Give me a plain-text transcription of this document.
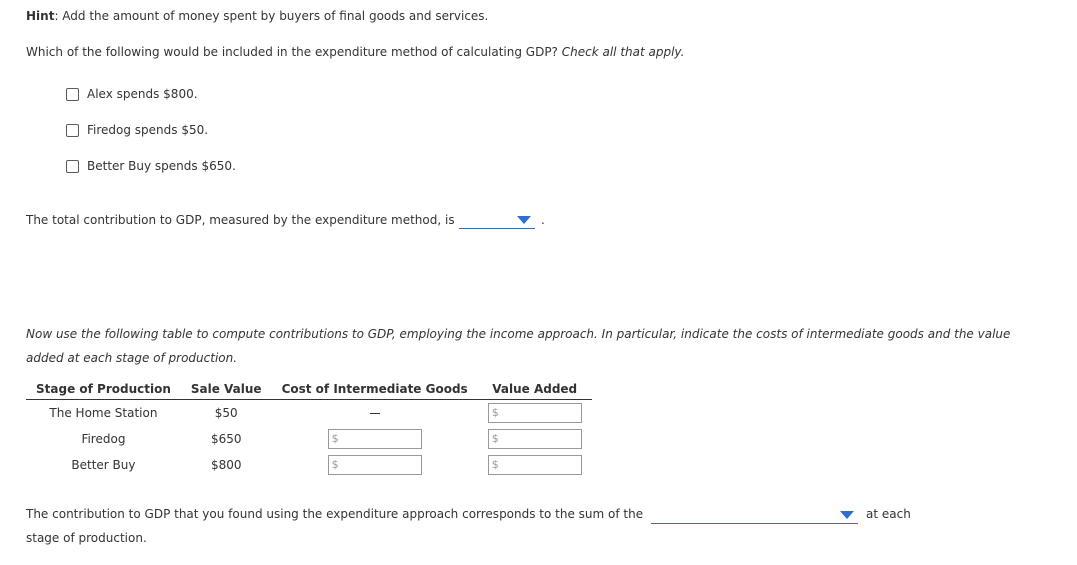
Hint: Add the amount of money spent by buyers of final goods and services.
Which of the following would be included in the expenditure method of calculating GDP? Check all that apply.
Alex spends $800.
Firedog spends $50.
Better Buy spends $650.
The total contribution to GDP, measured by the expenditure method, is	.
Now use the following table to compute contributions to GDP, employing the income approach. In particular, indicate the costs of intermediate goods and the value added at each stage of production.
Stage of Production	Sale Value	Cost of Intermediate Goods	Value Added
The Home Station	$50		$

Firedog	$650	$	$

Better Buy	$800	$	$
The contribution to GDP that you found using the expenditure approach corresponds to the sum of the	at each
stage of production.
